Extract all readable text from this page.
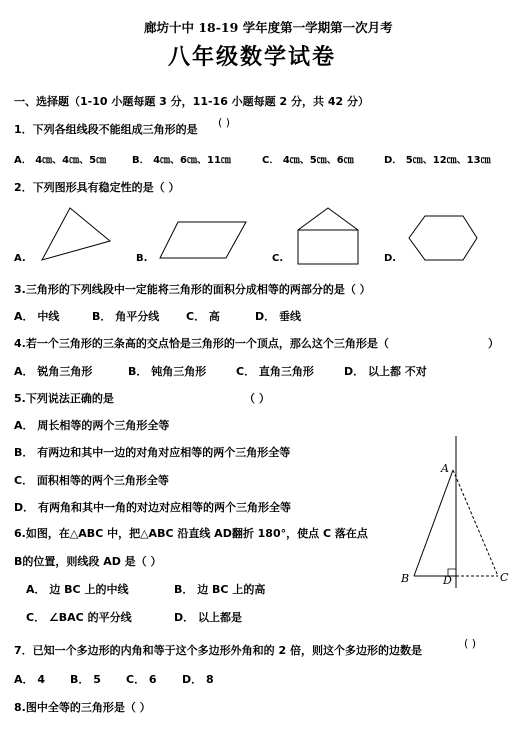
廊坊十中 18-19 学年度第一学期第一次月考
八年级数学试卷
一、选择题（1-10 小题每题 3 分，11-16 小题每题 2 分，共 42 分）
1．下列各组线段不能组成三角形的是
( )
A． 4㎝、4㎝、5㎝	B． 4㎝、6㎝、11㎝	C． 4㎝、5㎝、6㎝	D． 5㎝、12㎝、13㎝
2．下列图形具有稳定性的是（ ）
A.	B.	C.	D.
3.三角形的下列线段中一定能将三角形的面积分成相等的两部分的是（ ）
A． 中线	B． 角平分线 C． 高	D． 垂线
4.若一个三角形的三条高的交点恰是三角形的一个顶点，那么这个三角形是（	）
A． 锐角三角形	B． 钝角三角形	C． 直角三角形	D． 以上都 不对
5.下列说法正确的是	（ ）
A． 周长相等的两个三角形全等
B． 有两边和其中一边的对角对应相等的两个三角形全等
C． 面积相等的两个三角形全等
D． 有两角和其中一角的对边对应相等的两个三角形全等
6.如图，在△ABC 中，把△ABC 沿直线 AD翻折 180°，使点 C 落在点
B的位置，则线段 AD 是（ ）
A． 边 BC 上的中线	B． 边 BC 上的高
C． ∠BAC 的平分线	D． 以上都是
A
B	D	C
7．已知一个多边形的内角和等于这个多边形外角和的 2 倍，则这个多边形的边数是
( )
A． 4 B． 5 C． 6 D． 8
8.图中全等的三角形是（ ）
